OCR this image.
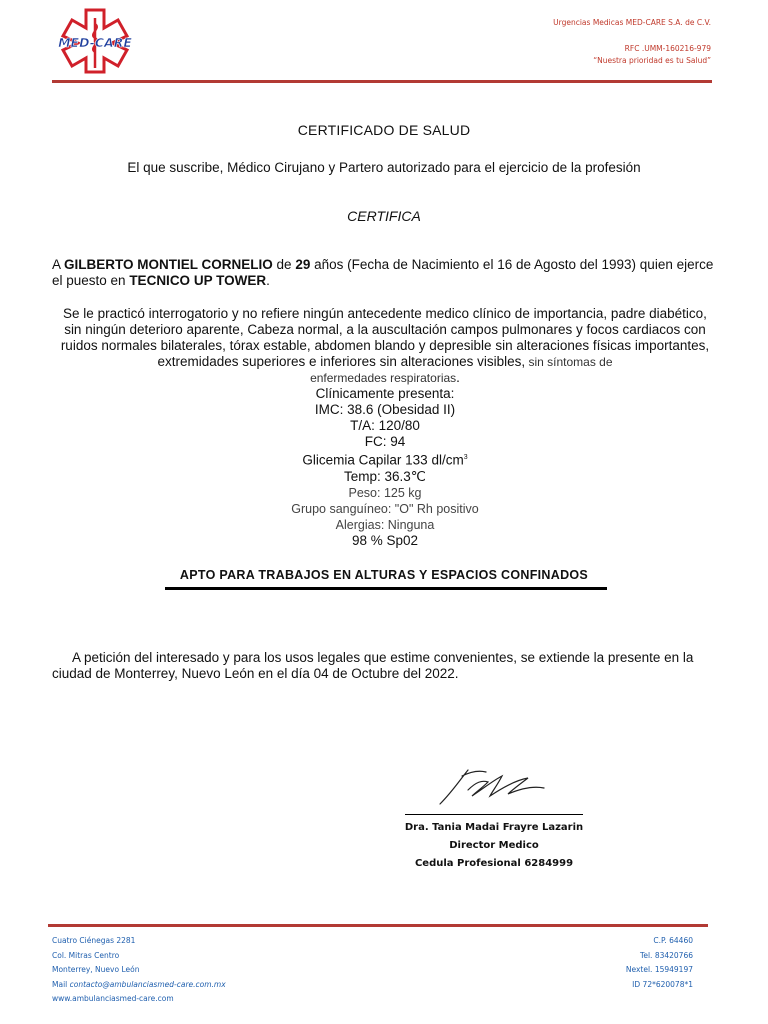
MED-CARE
Urgencias Medicas MED-CARE S.A. de C.V.
RFC .UMM-160216-979
“Nuestra prioridad es tu Salud”
CERTIFICADO DE SALUD
El que suscribe, Médico Cirujano y Partero autorizado para el ejercicio de la profesión
CERTIFICA
A GILBERTO MONTIEL CORNELIO de 29 años (Fecha de Nacimiento el 16 de Agosto del 1993) quien ejerce el puesto en TECNICO UP TOWER.
Se le practicó interrogatorio y no refiere ningún antecedente medico clínico de importancia, padre diabético, sin ningún deterioro aparente, Cabeza normal, a la auscultación campos pulmonares y focos cardiacos con ruidos normales bilaterales, tórax estable, abdomen blando y depresible sin alteraciones físicas importantes, extremidades superiores e inferiores sin alteraciones visibles, sin síntomas de
enfermedades respiratorias.
Clínicamente presenta:
IMC: 38.6 (Obesidad II)
T/A: 120/80
FC: 94
Glicemia Capilar 133 $dl/cm^3$
Temp: 36.3℃
Peso: 125 kg
Grupo sanguíneo: "O" Rh positivo
Alergias: Ninguna
98 % Sp02
APTO PARA TRABAJOS EN ALTURAS Y ESPACIOS CONFINADOS
A petición del interesado y para los usos legales que estime convenientes, se extiende la presente en la ciudad de Monterrey, Nuevo León en el día 04 de Octubre del 2022.
Dra. Tania Madai Frayre Lazarin
Director Medico
Cedula Profesional 6284999
Cuatro Ciénegas 2281
Col. Mitras Centro
Monterrey, Nuevo León
Mail contacto@ambulanciasmed-care.com.mx
www.ambulanciasmed-care.com
C.P. 64460
Tel. 83420766
Nextel. 15949197
ID 72*620078*1
